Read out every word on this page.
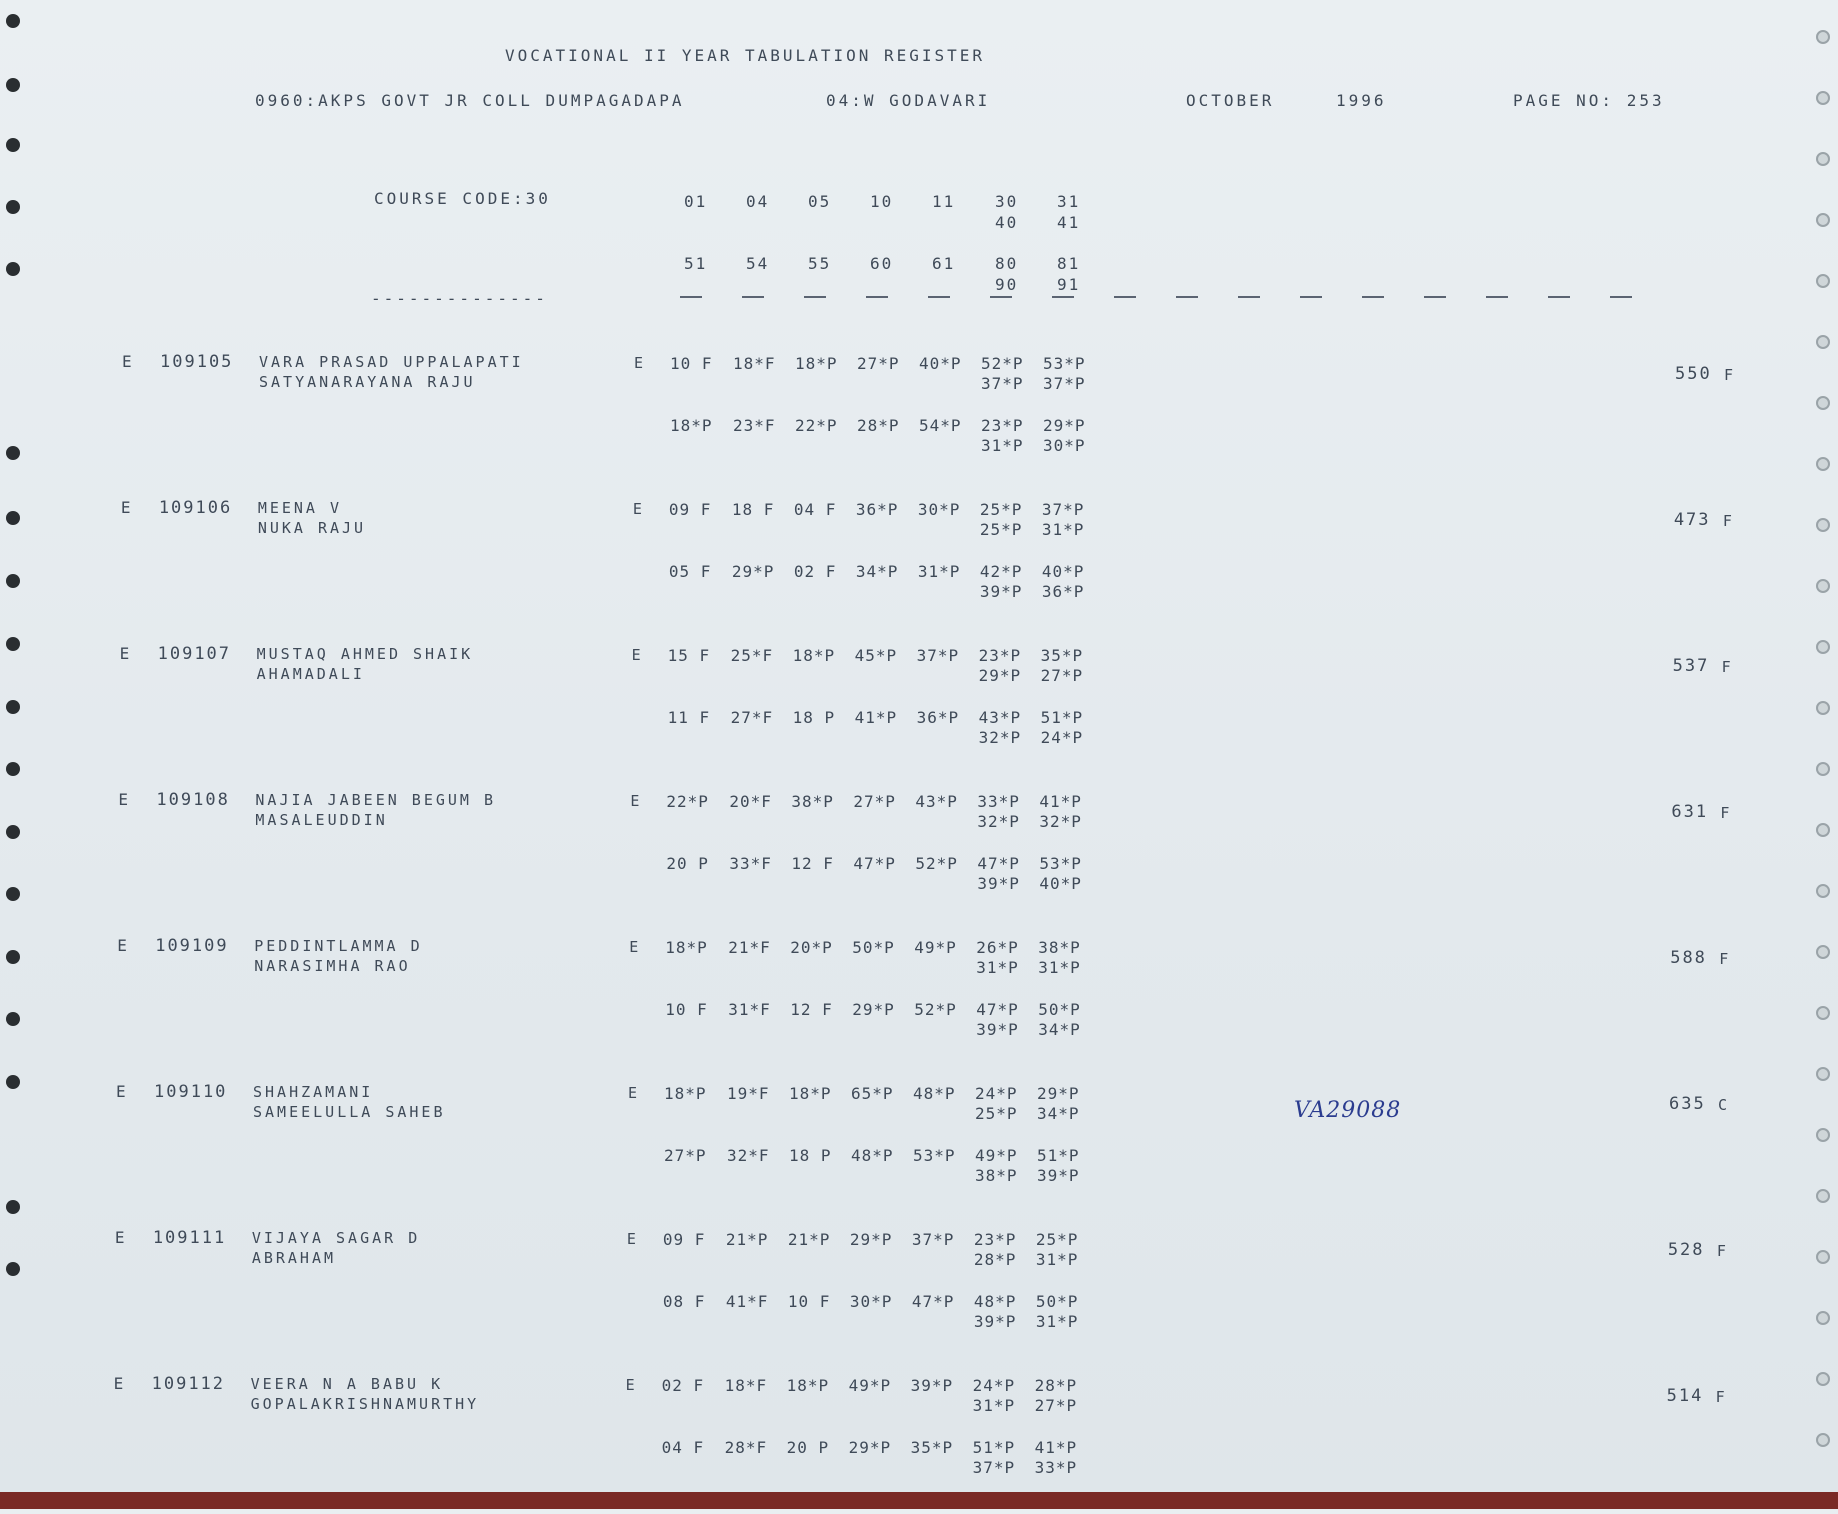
VOCATIONAL II YEAR TABULATION REGISTER
0960:AKPS GOVT JR COLL DUMPAGADAPA	04:W GODAVARI	OCTOBER	1996	PAGE NO: 253
COURSE CODE:30
--------------
01 04 05 10 11 30 31
40 41
51 54 55 60 61 80 81
90 91
E 109105 VARA PRASAD UPPALAPATI
SATYANARAYANA RAJU
E 10 F 18*F 18*P 27*P 40*P 52*P 53*P
37*P 37*P
18*P 23*F 22*P 28*P 54*P 23*P 29*P
31*P 30*P
550 F
E 109106 MEENA V
NUKA RAJU
E 09 F 18 F 04 F 36*P 30*P 25*P 37*P
25*P 31*P
05 F 29*P 02 F 34*P 31*P 42*P 40*P
39*P 36*P
473 F
E 109107 MUSTAQ AHMED SHAIK
AHAMADALI
E 15 F 25*F 18*P 45*P 37*P 23*P 35*P
29*P 27*P
11 F 27*F 18 P 41*P 36*P 43*P 51*P
32*P 24*P
537 F
E 109108 NAJIA JABEEN BEGUM B
MASALEUDDIN
E 22*P 20*F 38*P 27*P 43*P 33*P 41*P
32*P 32*P
20 P 33*F 12 F 47*P 52*P 47*P 53*P
39*P 40*P
631 F
E 109109 PEDDINTLAMMA D
NARASIMHA RAO
E 18*P 21*F 20*P 50*P 49*P 26*P 38*P
31*P 31*P
10 F 31*F 12 F 29*P 52*P 47*P 50*P
39*P 34*P
588 F
E 109110 SHAHZAMANI
SAMEELULLA SAHEB
E 18*P 19*F 18*P 65*P 48*P 24*P 29*P
25*P 34*P
27*P 32*F 18 P 48*P 53*P 49*P 51*P
38*P 39*P
635 C
E 109111 VIJAYA SAGAR D
ABRAHAM
E 09 F 21*P 21*P 29*P 37*P 23*P 25*P
28*P 31*P
08 F 41*F 10 F 30*P 47*P 48*P 50*P
39*P 31*P
528 F
E 109112 VEERA N A BABU K
GOPALAKRISHNAMURTHY
E 02 F 18*F 18*P 49*P 39*P 24*P 28*P
31*P 27*P
04 F 28*F 20 P 29*P 35*P 51*P 41*P
37*P 33*P
514 F
VA29088
